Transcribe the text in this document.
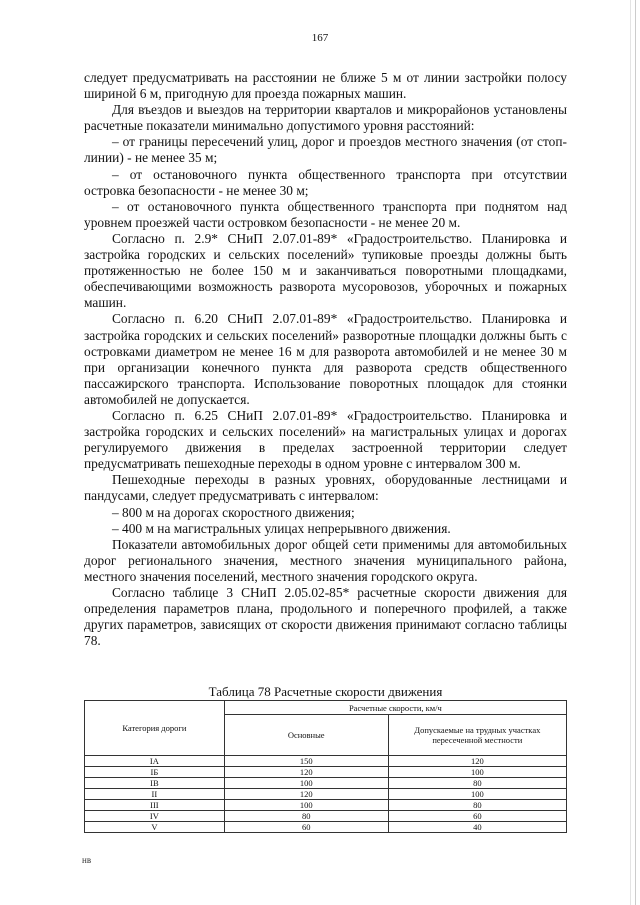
167

следует предусматривать на расстоянии не ближе 5 м от линии застройки полосу шириной 6 м, пригодную для проезда пожарных машин.

Для въездов и выездов на территории кварталов и микрорайонов установлены расчетные показатели минимально допустимого уровня расстояний:

– от границы пересечений улиц, дорог и проездов местного значения (от стоп-линии) - не менее 35 м;

– от остановочного пункта общественного транспорта при отсутствии островка безопасности - не менее 30 м;

– от остановочного пункта общественного транспорта при поднятом над уровнем проезжей части островком безопасности - не менее 20 м.

Согласно п. 2.9* СНиП 2.07.01-89* «Градостроительство. Планировка и застройка городских и сельских поселений» тупиковые проезды должны быть протяженностью не более 150 м и заканчиваться поворотными площадками, обеспечивающими возможность разворота мусоровозов, уборочных и пожарных машин.

Согласно п. 6.20 СНиП 2.07.01-89* «Градостроительство. Планировка и застройка городских и сельских поселений» разворотные площадки должны быть с островками диаметром не менее 16 м для разворота автомобилей и не менее 30 м при организации конечного пункта для разворота средств общественного пассажирского транспорта. Использование поворотных площадок для стоянки автомобилей не допускается.

Согласно п. 6.25 СНиП 2.07.01-89* «Градостроительство. Планировка и застройка городских и сельских поселений» на магистральных улицах и дорогах регулируемого движения в пределах застроенной территории следует предусматривать пешеходные переходы в одном уровне с интервалом 300 м.

Пешеходные переходы в разных уровнях, оборудованные лестницами и пандусами, следует предусматривать с интервалом:

– 800 м на дорогах скоростного движения;

– 400 м на магистральных улицах непрерывного движения.

Показатели автомобильных дорог общей сети применимы для автомобильных дорог регионального значения, местного значения муниципального района, местного значения поселений, местного значения городского округа.

Согласно таблице 3 СНиП 2.05.02-85* расчетные скорости движения для определения параметров плана, продольного и поперечного профилей, а также других параметров, зависящих от скорости движения принимают согласно таблицы 78.

Таблица 78 Расчетные скорости движения
Категория дороги	Расчетные скорости, км/ч	
	Основные	Допускаемые на трудных участках пересеченной местности
IA	150	120
IБ	120	100
IВ	100	80
II	120	100
III	100	80
IV	80	60
V	60	40
нв
